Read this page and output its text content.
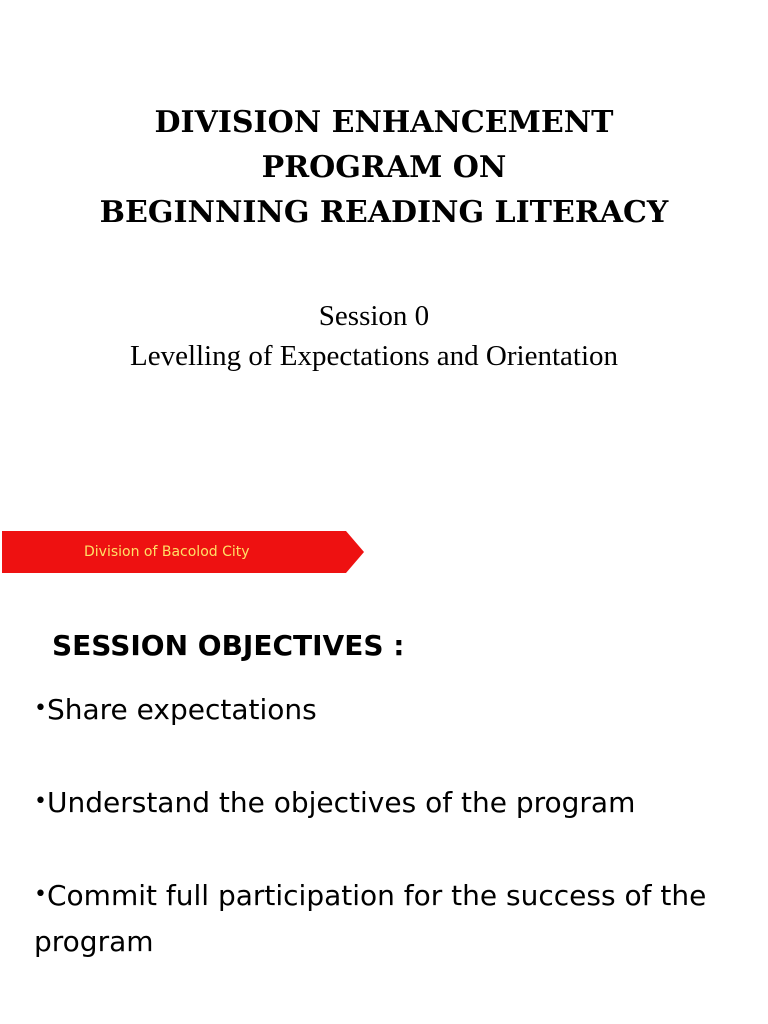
DIVISION ENHANCEMENT
PROGRAM ON
BEGINNING READING LITERACY
Session 0
Levelling of Expectations and Orientation
Division of Bacolod City
SESSION OBJECTIVES :
•Share expectations
•Understand the objectives of the program
•Commit full participation for the success of the program
